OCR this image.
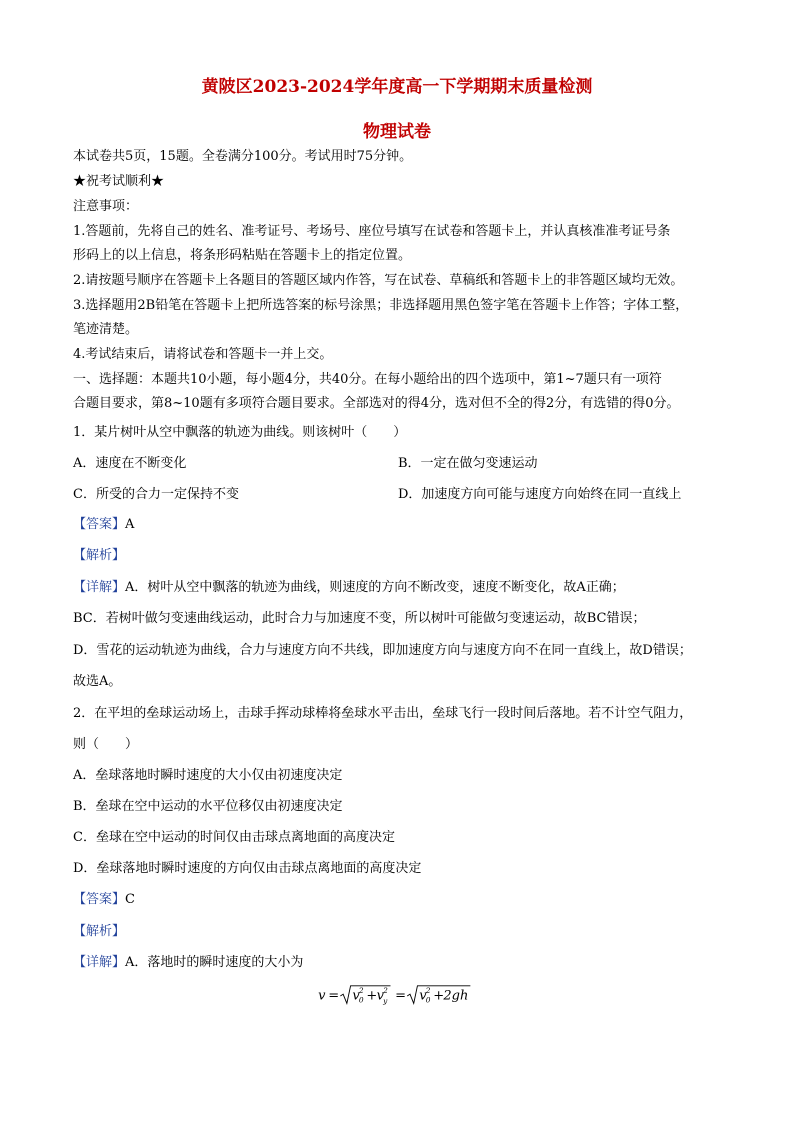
黄陂区2023-2024学年度高一下学期期末质量检测
物理试卷
本试卷共5页，15题。全卷满分100分。考试用时75分钟。
★祝考试顺利★
注意事项：
1.答题前，先将自己的姓名、准考证号、考场号、座位号填写在试卷和答题卡上，并认真核准准考证号条
形码上的以上信息，将条形码粘贴在答题卡上的指定位置。
2.请按题号顺序在答题卡上各题目的答题区域内作答，写在试卷、草稿纸和答题卡上的非答题区域均无效。
3.选择题用2B铅笔在答题卡上把所选答案的标号涂黑；非选择题用黑色签字笔在答题卡上作答；字体工整，
笔迹清楚。
4.考试结束后，请将试卷和答题卡一并上交。
一、选择题：本题共10小题，每小题4分，共40分。在每小题给出的四个选项中，第1~7题只有一项符
合题目要求，第8~10题有多项符合题目要求。全部选对的得4分，选对但不全的得2分，有选错的得0分。
1．某片树叶从空中飘落的轨迹为曲线。则该树叶（　　）
A．速度在不断变化	B．一定在做匀变速运动
C．所受的合力一定保持不变	D．加速度方向可能与速度方向始终在同一直线上
【答案】A
【解析】
【详解】A．树叶从空中飘落的轨迹为曲线，则速度的方向不断改变，速度不断变化，故A正确；
BC．若树叶做匀变速曲线运动，此时合力与加速度不变，所以树叶可能做匀变速运动，故BC错误；
D．雪花的运动轨迹为曲线，合力与速度方向不共线，即加速度方向与速度方向不在同一直线上，故D错误；
故选A。
2．在平坦的垒球运动场上，击球手挥动球棒将垒球水平击出，垒球飞行一段时间后落地。若不计空气阻力，
则（　　）
A．垒球落地时瞬时速度的大小仅由初速度决定
B．垒球在空中运动的水平位移仅由初速度决定
C．垒球在空中运动的时间仅由击球点离地面的高度决定
D．垒球落地时瞬时速度的方向仅由击球点离地面的高度决定
【答案】C
【解析】
【详解】A．落地时的瞬时速度的大小为
v = v 0
2 + v y
2 = v 0
2 + 2gh
